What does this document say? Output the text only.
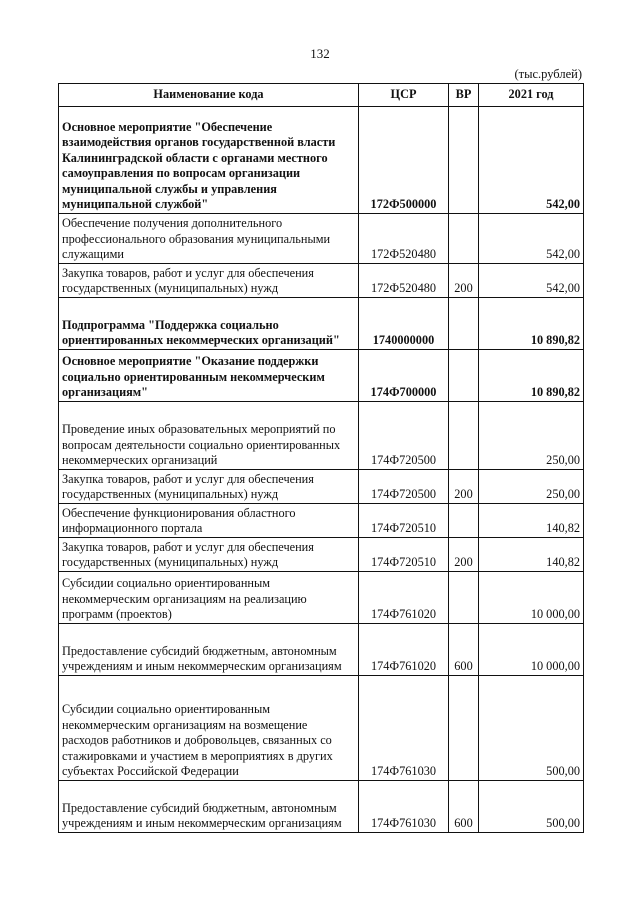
132
(тыс.рублей)
Наименование кода	ЦСР	ВР	2021 год
Основное мероприятие "Обеспечение взаимодействия органов государственной власти Калининградской области с органами местного самоуправления по вопросам организации муниципальной службы и управления муниципальной службой"	172Ф500000		542,00
Обеспечение получения дополнительного профессионального образования муниципальными служащими	172Ф520480		542,00
Закупка товаров, работ и услуг для обеспечения государственных (муниципальных) нужд	172Ф520480	200	542,00
Подпрограмма "Поддержка социально ориентированных некоммерческих организаций"	1740000000		10 890,82
Основное мероприятие "Оказание поддержки социально ориентированным некоммерческим организациям"	174Ф700000		10 890,82
Проведение иных образовательных мероприятий по вопросам деятельности социально ориентированных некоммерческих организаций	174Ф720500		250,00
Закупка товаров, работ и услуг для обеспечения государственных (муниципальных) нужд	174Ф720500	200	250,00
Обеспечение функционирования областного информационного портала	174Ф720510		140,82
Закупка товаров, работ и услуг для обеспечения государственных (муниципальных) нужд	174Ф720510	200	140,82
Субсидии социально ориентированным некоммерческим организациям на реализацию программ (проектов)	174Ф761020		10 000,00
Предоставление субсидий бюджетным, автономным учреждениям и иным некоммерческим организациям	174Ф761020	600	10 000,00
Субсидии социально ориентированным некоммерческим организациям на возмещение расходов работников и добровольцев, связанных со стажировками и участием в мероприятиях в других субъектах Российской Федерации	174Ф761030		500,00
Предоставление субсидий бюджетным, автономным учреждениям и иным некоммерческим организациям	174Ф761030	600	500,00
